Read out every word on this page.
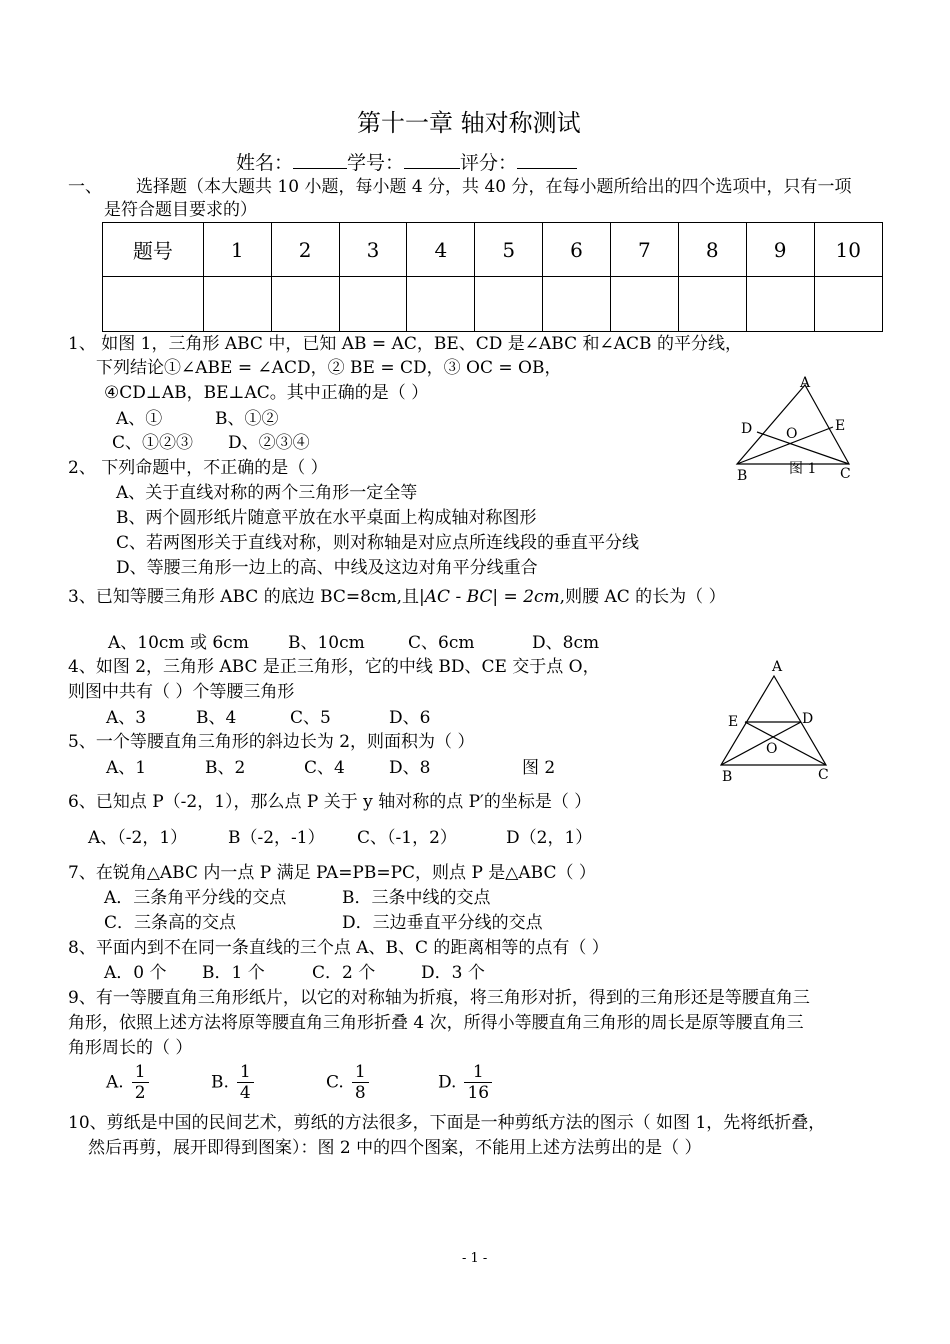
第十一章 轴对称测试
姓名：	学号：	评分：
一、 选择题（本大题共 10 小题，每小题 4 分，共 40 分，在每小题所给出的四个选项中，只有一项
是符合题目要求的）
题号	1	2	3	4	5	6	7	8	9	10

1、 如图 1，三角形 ABC 中，已知 AB = AC，BE、CD 是∠ABC 和∠ACB 的平分线，
下列结论①∠ABE = ∠ACD，② BE = CD，③ OC = OB，
④CD⊥AB，BE⊥AC。其中正确的是（ ）
A、①	B、①②
C、①②③ D、②③④
A
B	C
D	E
O
图 1
2、 下列命题中，不正确的是（ ）
A、关于直线对称的两个三角形一定全等
B、两个圆形纸片随意平放在水平桌面上构成轴对称图形
C、若两图形关于直线对称，则对称轴是对应点所连线段的垂直平分线
D、等腰三角形一边上的高、中线及这边对角平分线重合
3、已知等腰三角形 ABC 的底边 BC=8cm,且|AC - BC| = 2cm,则腰 AC 的长为（ ）
A、10cm 或 6cm B、10cm	C、6cm	D、8cm
4、如图 2，三角形 ABC 是正三角形，它的中线 BD、CE 交于点 O，
则图中共有（ ）个等腰三角形
A、3	B、4	C、5	D、6
5、一个等腰直角三角形的斜边长为 2，则面积为（ ）
A、1	B、2	C、4	D、8	图 2
A
B	C
D
E
O
6、已知点 P（-2，1），那么点 P 关于 y 轴对称的点 P′的坐标是（ ）
A、（-2，1） B（-2，-1） C、（-1，2）	D（2，1）
7、在锐角△ABC 内一点 P 满足 PA=PB=PC，则点 P 是△ABC（ ）
A．三条角平分线的交点	B．三条中线的交点
C．三条高的交点	D．三边垂直平分线的交点
8、平面内到不在同一条直线的三个点 A、B、C 的距离相等的点有（ ）
A．0 个 B．1 个	C．2 个	D．3 个
9、有一等腰直角三角形纸片，以它的对称轴为折痕，将三角形对折，得到的三角形还是等腰直角三
角形，依照上述方法将原等腰直角三角形折叠 4 次，所得小等腰直角三角形的周长是原等腰直角三
角形周长的（ ）
A. $\frac{1}{2}$	B. $\frac{1}{4}$	C. $\frac{1}{8}$	D. $\frac{1}{16}$
10、剪纸是中国的民间艺术，剪纸的方法很多，下面是一种剪纸方法的图示（ 如图 1，先将纸折叠，
然后再剪，展开即得到图案）：图 2 中的四个图案，不能用上述方法剪出的是（ ）
- 1 -
